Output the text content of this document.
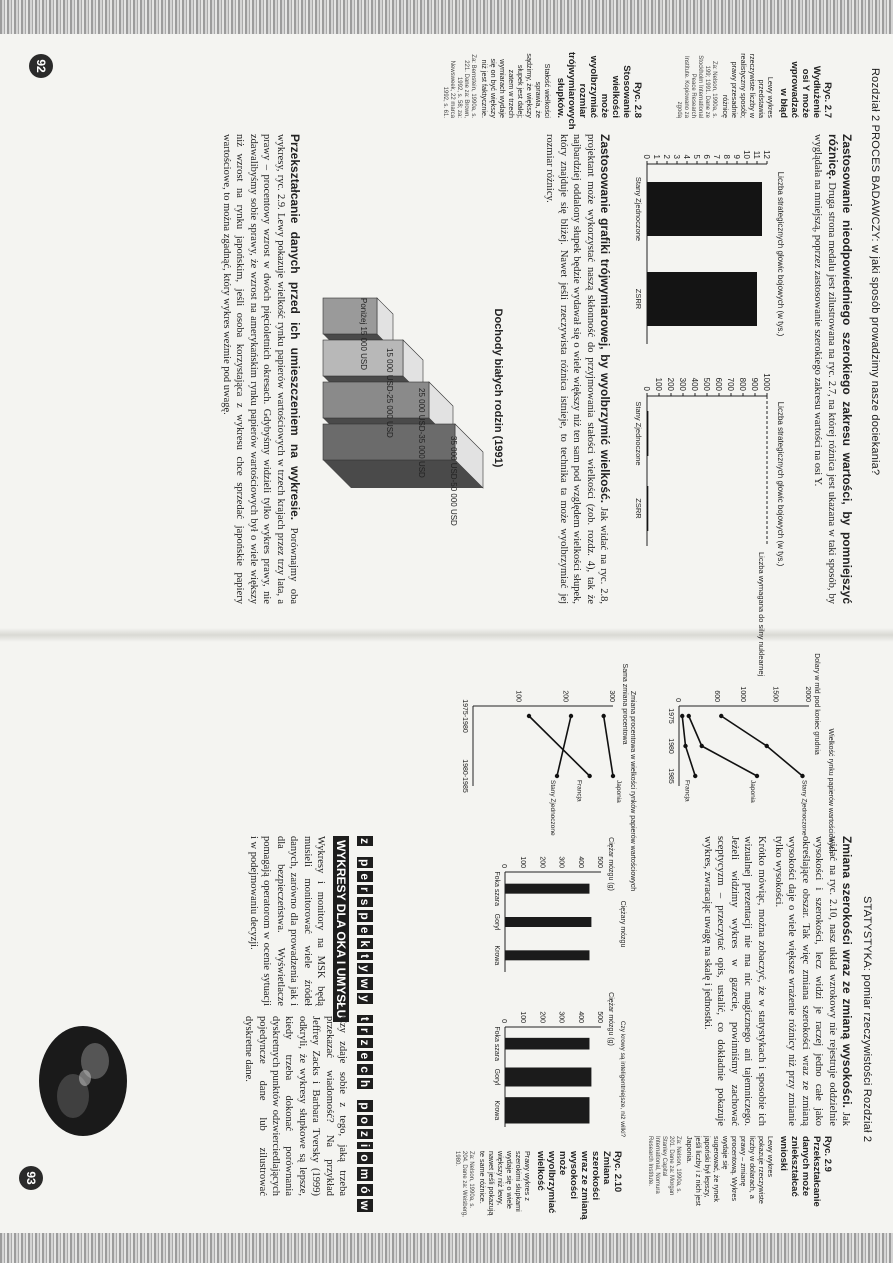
Rozdział 2 PROCES BADAWCZY: w jaki sposób prowadzimy nasze dociekania?
Ryc. 2.7
Wydłużenie osi Y może wprowadzać w błąd
Lewy wykres przedstawia rzeczywiste liczby w realistyczny sposób; prawy przesadnie różnicę
Za: Nelson, 1990a, s. 199; 1991. Dane ze Stockholm International Peace Research Institute. Kopiowano za zgodą
Ryc. 2.8
Stosowanie wielkości może wyolbrzymiać rozmiar trójwymiarowych słupków.
Stałość wielkości sprawia, że sądzimy, że większy słupek jest dalej; zatem w trzech wymiarach wydaje się on być większy niż jest faktycznie.
Za: Bernstein, 1990a, s. 221. Dane za: Brown, 1992, s. 58; za: Newsweek, 22 marca 1992, s. 61.
Zastosowanie nieodpowiedniego szerokiego zakresu wartości, by pomniejszyć różnicę. Druga strona medalu jest zilustrowana na ryc. 2.7, na której różnica jest ukazana w taki sposób, by wyglądała na mniejszą, poprzez zastosowanie szerokiego zakresu wartości na osi Y.
Liczba strategicznych głowic bojowych (w tys.)
0 1 2 3 4 5 6 7 8 9 10 11 12
Stany Zjednoczone
ZSRR
Liczba strategicznych głowic bojowych (w tys.)
0 100 200 300 400 500 600 700 800 900 1000
Stany Zjednoczone
ZSRR
Liczba wymagana do silny nuklearnej
Zastosowanie grafiki trójwymiarowej, by wyolbrzymić wielkość. Jak widać na ryc. 2.8, projektant może wykorzystać naszą skłonność do przyjmowania stałości wielkości (zob. rozdz. 4), tak że najbardziej oddalony słupek będzie wydawał się o wiele większy niż ten sam pod względem wielkości słupek, który znajduje się bliżej. Nawet jeśli rzeczywista różnica istnieje, to technika ta może wyolbrzymiać jej rozmiar różnicy.
Dochody białych rodzin (1991)
35 000 USD-50 000 USD
25 000 USD-35 000 USD
15 000 USD-25 000 USD
Poniżej 15 000 USD
Przekształcanie danych przed ich umieszczeniem na wykresie. Porównajmy oba wykresy, ryc. 2.9. Lewy pokazuje wielkość rynku papierów wartościowych w trzech krajach przez trzy lata, a prawy – procentowy wzrost w dwóch pięcioletnich okresach. Gdybyśmy widzieli tylko wykres prawy, nie zdawalibyśmy sobie sprawy, że wzrost na amerykańskim rynku papierów wartościowych był o wiele większy niż wzrost na rynku japońskim, jeśli osoba korzystająca z wykresu chce sprzedać japońskie papiery wartościowe, to można zgadnąć, który wykres weźmie pod uwagę.
92
STATYSTYKA: pomiar rzeczywistości Rozdział 2
Wielkość rynku papierów wartościowych
Dolary w mld pod koniec grudnia
0	600	1000	1500	2000
1975
1980
1985
Stany Zjednoczone
Japonia
Francja
Sama zmiana procentowa Zmiana procentowa w wielkości rynków papierów wartościowych
100	200	300
1975-1980
1980-1985	Japonia
Stany Zjednoczone	Francja
Ryc. 2.9
Przekształcanie danych może zniekształcać wnioski
Lewy wykres pokazuje rzeczywiste liczby w dolarach, a prawy – zmianę procentową. Wykres wydaje się sugerować, że rynek japoński był lepszy, jeśli liczby i z nich jest Japonia.
Za: Nelson, 1990a, s. 201. Dane za: Morgan Stanley Capital International, Nomura Research Institute.
Zmiana szerokości wraz ze zmianą wysokości. Jak widać na ryc. 2.10, nasz układ wzrokowy nie rejestruje oddzielnie wysokości i szerokości, lecz widzi je raczej jedno całe jako określające obszar. Tak więc zmiana szerokości wraz ze zmianą wysokości daje o wiele większe wrażenie różnicy niż przy zmianie tylko wysokości.
Krótko mówiąc, można zobaczyć, że w statystykach i sposobie ich wizualnej prezentacji nie ma nic magicznego ani tajemniczego. Jeżeli widzimy wykres w gazecie, powinniśmy zachować sceptycyzm – przeczytać opis, ustalić, co dokładnie pokazuje wykres, zwracając uwagę na skalę i jednostki.
Ciężary mózgu
Ciężar mózgu (g)
0 100 200 300 400 500
Foka szara
Goryl
Krowa
Czy krowy są inteligentniejsze, niż wilki?
Ciężar mózgu (g)
0 100 200 300 400 500
Foka szara
Goryl
Krowa
Ryc. 2.10
Zmiana szerokości wraz ze zmianą wysokości może wyolbrzymiać wielkość
Prawy wykres z szerokimi słupkami wydaje się o wiele większy niż lewy, nawet jeśli pokazują te same różnice.
Za: Nelson, 1990a, s. 204. Dane za: Weisberg, 1980.
z
p
e
r
s
p
e
k
t
y
w
y
t
r
z
e
c
h
p
o
z
i
o
m
ó
w
WYKRESY DLA OKA I UMYSŁU
Wykresy i monitory na MSK będą musieli monitorować wiele źródeł danych, zarówno dla prowadzenia jak i dla bezpieczeństwa. Wyświetlacze pomagają operatorom w ocenie sytuacji i w podejmowaniu decyzji.
Czy zdaje sobie z tego, jaką trzeba przekazać wiadomość? Na przykład Jeffrey Zacks i Barbara Tversky (1999) odkryli, że wykresy słupkowe są lepsze, kiedy trzeba dokonać porównania dyskretnych punktów odzwierciedlających pojedyncze dane lub zilustrować dyskretne dane.
93
